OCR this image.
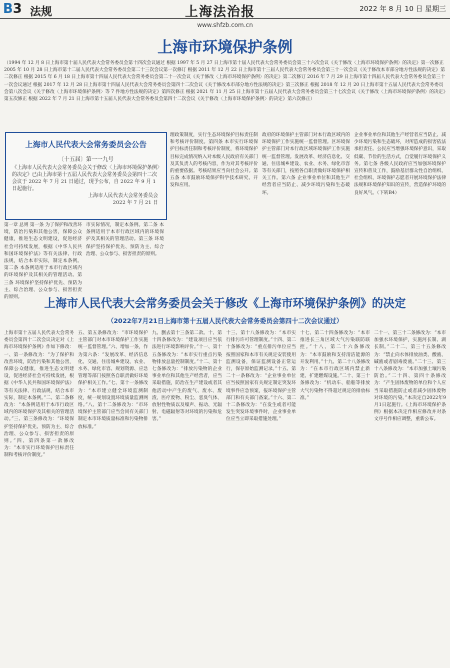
B3 法规	上海法治报	2022 年 8 月 10 日 星期三
www.shfzb.com.cn
上海市环境保护条例
（1994 年 12 月 8 日上海市第十届人民代表大会常务委员会第十四次会议通过 根据 1997 年 5 月 27 日上海市第十届人民代表大会常务委员会第三十六次会议《关于修改〈上海市环境保护条例〉的决定》第一次修正 2005 年 10 月 28 日上海市第十二届人民代表大会常务委员会第二十三次会议第一次修订 根据 2011 年 12 月 22 日上海市第十三届人民代表大会常务委员会第三十一次会议《关于修改本市部分地方性法规的决定》第二次修正 根据 2015 年 6 月 18 日上海市第十四届人民代表大会常务委员会第二十一次会议《关于修改〈上海市环境保护条例〉的决定》第二次修订 2016 年 7 月 29 日上海市第十四届人民代表大会常务委员会第三十一次会议通过 根据 2017 年 12 月 28 日上海市第十四届人民代表大会常务委员会第四十二次会议《关于修改本市部分地方性法规的决定》第三次修正 根据 2018 年 12 月 20 日上海市第十五届人民代表大会常务委员会第八次会议《关于修改〈上海市环境保护条例〉等 7 件地方性法规的决定》第四次修正 根据 2021 年 11 月 25 日上海市第十五届人民代表大会常务委员会第三十七次会议《关于修改〈上海市环境保护条例〉的决定》第五次修正 根据 2022 年 7 月 21 日上海市第十五届人民代表大会常务委员会第四十二次会议《关于修改〈上海市环境保护条例〉的决定》第六次修正）
上海市人民代表大会常务委员会公告
〔十五届〕第一一九号
《上海市人民代表大会常务委员会关于修改〈上海市环境保护条例〉的决定》已由上海市第十五届人民代表大会常务委员会第四十二次会议于 2022 年 7 月 21 日通过，现予公布，自 2022 年 9 月 1 日起施行。
上海市人民代表大会常务委员会
2022 年 7 月 21 日
第一章 总则 第一条 为了保护和改善环境，防治污染和其他公害，保障公众健康，推进生态文明建设，促进经济社会可持续发展，根据《中华人民共和国环境保护法》等有关法律、行政法规，结合本市实际，制定本条例。第二条 本条例适用于本市行政区域内的环境保护及其相关的管理活动。第三条 环境保护坚持保护优先、预防为主、综合治理、公众参与、损害担责的原则。
市实际情况，制定本条例。第二条 本条例适用于本市行政区域内的环境保护及其相关的管理活动。第三条 环境保护坚持保护优先、预防为主、综合治理、公众参与、损害担责的原则。
理政策制度，实行生态环境保护目标责任制和考核评价制度。第四条 本市实行环境保护目标责任制和考核评价制度，将环境保护目标完成情况纳入对本级人民政府有关部门及其负责人的考核内容，作为对其考核评价的重要依据。考核结果应当向社会公开。第五条 本市鼓励环境保护科学技术研究、开发和应用。
政府的环境保护主管部门对本行政区域内的环境保护工作实施统一监督管理。区环境保护主管部门对本行政区域环境保护工作实施统一监督管理。发展改革、经济信息化、交通、住房城乡建设、农业、水务、绿化市容等有关部门，按照各自职责做好环境保护相关工作。第六条 企业事业单位和其他生产经营者应当防止、减少环境污染和生态破坏。
企业事业单位和其他生产经营者应当防止、减少环境污染和生态破坏，对所造成的损害依法承担责任。公民应当增强环境保护意识，采取低碳、节俭的生活方式，自觉履行环境保护义务。第七条 各级人民政府应当加强环境保护宣传和普及工作，鼓励基层群众性自治组织、社会组织、环境保护志愿者开展环境保护法律法规和环境保护知识的宣传，营造保护环境的良好风气。（下转B4）
上海市人民代表大会常务委员会关于修改《上海市环境保护条例》的决定
（2022年7月21日上海市第十五届人民代表大会常务委员会第四十二次会议通过）
上海市第十五届人民代表大会常务委员会第四十二次会议决定对《上海市环境保护条例》作如下修改：一、第一条修改为：“为了保护和改善环境，防治污染和其他公害，保障公众健康，推进生态文明建设，促进经济社会可持续发展，根据《中华人民共和国环境保护法》等有关法律、行政法规，结合本市实际，制定本条例。”二、第二条修改为：“本条例适用于本市行政区域内的环境保护及其相关的管理活动。”三、第三条修改为：“环境保护坚持保护优先、预防为主、综合治理、公众参与、损害担责的原则。”四、第四条第一款修改为：“本市实行环境保护目标责任制和考核评价制度。”
五、第五条修改为：“市环境保护主管部门对本市环境保护工作实施统一监督管理。”六、增加一条，作为第六条：“发展改革、经济信息化、交通、住房城乡建设、农业、水务、绿化市容、规划资源、应急管理等部门按照各自职责做好环境保护相关工作。”七、第十一条修改为：“本市建立健全环境监测制度，统一规划设置环境质量监测网络。”八、第十二条修改为：“市环境保护主管部门应当会同有关部门制定本市环境质量标准和污染物排放标准。”
九、删去第十三条第二款。十、第十四条修改为：“建设项目应当依法进行环境影响评价。”十一、第十五条修改为：“本市实行重点污染物排放总量控制制度。”十二、第十七条修改为：“排放污染物的企业事业单位和其他生产经营者，应当采取措施，防治在生产建设或者其他活动中产生的废气、废水、废渣、医疗废物、粉尘、恶臭气体、放射性物质以及噪声、振动、光辐射、电磁辐射等对环境的污染和危害。”
十三、第十八条修改为：“本市实行排污许可管理制度。”十四、第二十条修改为：“重点排污单位应当按照国家和本市有关规定安装使用监测设备，保证监测设备正常运行，保存原始监测记录。”十五、第二十一条修改为：“企业事业单位应当按照国家有关规定制定突发环境事件应急预案，报环境保护主管部门和有关部门备案。”十六、第二十二条修改为：“在发生或者可能发生突发环境事件时，企业事业单位应当立即采取措施处理。”
十七、第二十四条修改为：“本市推进长三角区域大气污染联防联控。”十八、第二十六条修改为：“本市鼓励和支持清洁能源的开发利用。”十九、第二十八条修改为：“在本市行政区域内禁止新建、扩建燃煤设施。”二十、第三十条修改为：“机动车、船舶等排放大气污染物不得超过规定的排放标准。”
二十一、第三十二条修改为：“本市加强水环境保护，实施河长制、湖长制。”二十二、第三十五条修改为：“禁止向水体排放油类、酸液、碱液或者剧毒废液。”二十三、第三十八条修改为：“本市加强土壤污染防治。”二十四、第四十条修改为：“产生固体废物的单位和个人应当采取措施防止或者减少固体废物对环境的污染。”本决定自2022年9月1日起施行。《上海市环境保护条例》根据本决定作相应修改并对条文序号作相应调整，重新公布。
